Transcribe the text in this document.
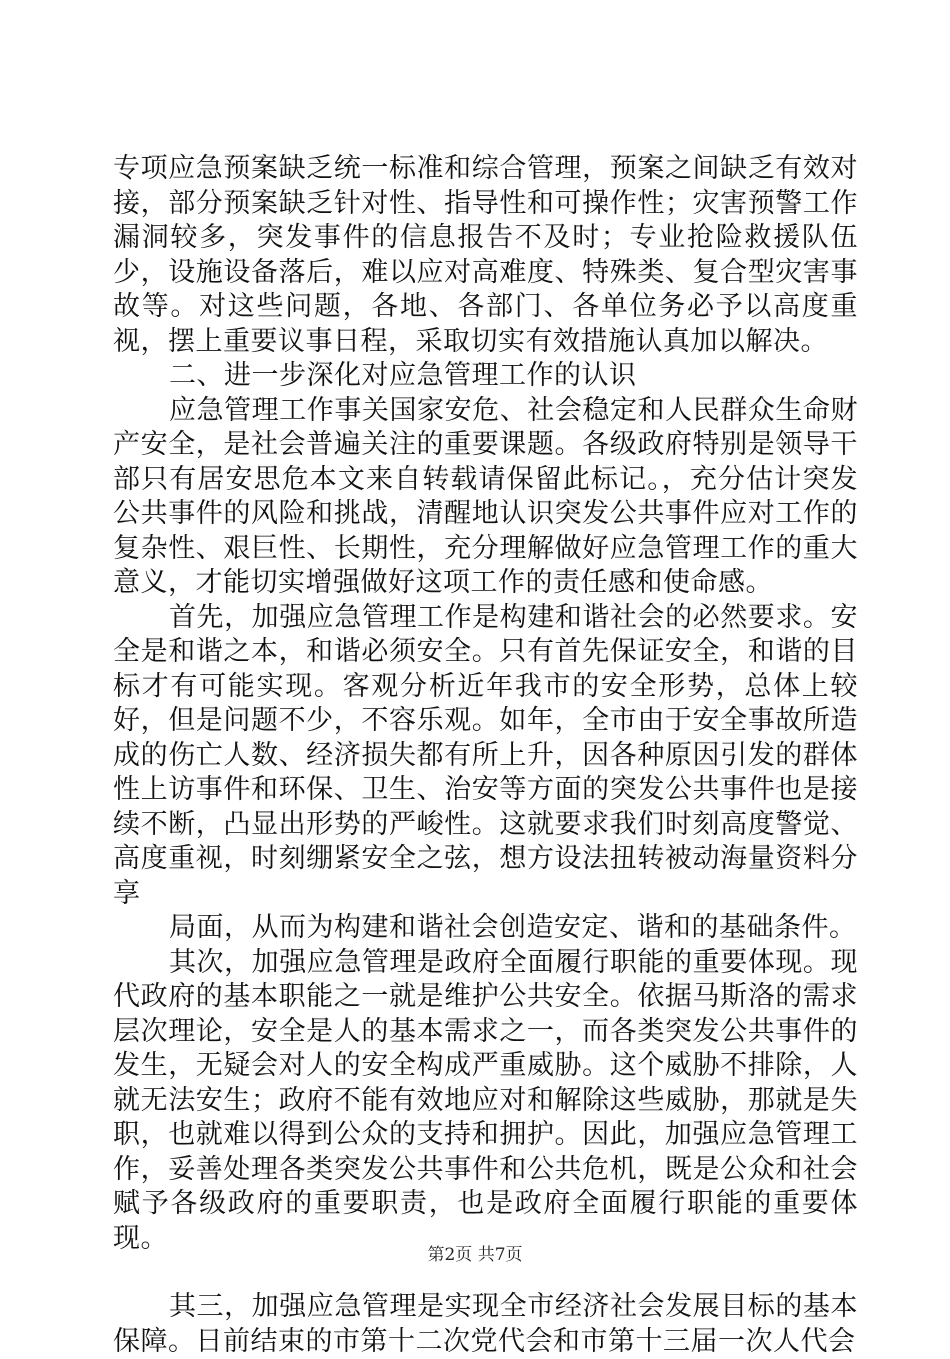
专项应急预案缺乏统一标准和综合管理，预案之间缺乏有效对接，部分预案缺乏针对性、指导性和可操作性；灾害预警工作漏洞较多，突发事件的信息报告不及时；专业抢险救援队伍少，设施设备落后，难以应对高难度、特殊类、复合型灾害事故等。对这些问题，各地、各部门、各单位务必予以高度重视，摆上重要议事日程，采取切实有效措施认真加以解决。

二、进一步深化对应急管理工作的认识

应急管理工作事关国家安危、社会稳定和人民群众生命财产安全，是社会普遍关注的重要课题。各级政府特别是领导干部只有居安思危本文来自转载请保留此标记。，充分估计突发公共事件的风险和挑战，清醒地认识突发公共事件应对工作的复杂性、艰巨性、长期性，充分理解做好应急管理工作的重大意义，才能切实增强做好这项工作的责任感和使命感。

首先，加强应急管理工作是构建和谐社会的必然要求。安全是和谐之本，和谐必须安全。只有首先保证安全，和谐的目标才有可能实现。客观分析近年我市的安全形势，总体上较好，但是问题不少，不容乐观。如年，全市由于安全事故所造成的伤亡人数、经济损失都有所上升，因各种原因引发的群体性上访事件和环保、卫生、治安等方面的突发公共事件也是接续不断，凸显出形势的严峻性。这就要求我们时刻高度警觉、高度重视，时刻绷紧安全之弦，想方设法扭转被动海量资料分享

局面，从而为构建和谐社会创造安定、谐和的基础条件。

其次，加强应急管理是政府全面履行职能的重要体现。现代政府的基本职能之一就是维护公共安全。依据马斯洛的需求层次理论，安全是人的基本需求之一，而各类突发公共事件的发生，无疑会对人的安全构成严重威胁。这个威胁不排除，人就无法安生；政府不能有效地应对和解除这些威胁，那就是失职，也就难以得到公众的支持和拥护。因此，加强应急管理工作，妥善处理各类突发公共事件和公共危机，既是公众和社会赋予各级政府的重要职责，也是政府全面履行职能的重要体现。

其三，加强应急管理是实现全市经济社会发展目标的基本保障。日前结束的市第十二次党代会和市第十三届一次人代会

第2页 共7页
